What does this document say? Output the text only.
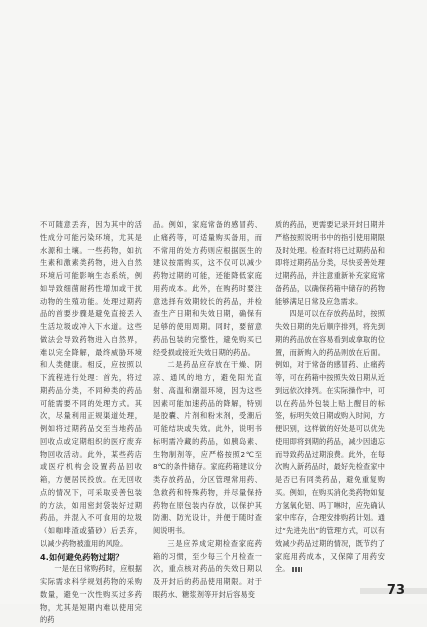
不可随意丢弃，因为其中的活性成分可能污染环境，尤其是水源和土壤。一些药物，如抗生素和激素类药物，进入自然环境后可能影响生态系统，例如导致细菌耐药性增加或干扰动物的生殖功能。处理过期药品的首要步骤是避免直接丢入生活垃圾或冲入下水道。这些做法会导致药物进入自然界，难以完全降解，最终威胁环境和人类健康。相反，应按照以下流程进行处理：首先，将过期药品分类，不同种类的药品可能需要不同的处理方式。其次，尽量利用正规渠道处理，例如将过期药品交至当地药品回收点或定期组织的医疗废弃物回收活动。此外，某些药店或医疗机构会设置药品回收箱，方便居民投放。在无回收点的情况下，可采取妥善包装的方法，如用密封袋装好过期药品，并混入不可食用的垃圾（如咖啡渣或猫砂）后丢弃，以减少药物被滥用的风险。

4.如何避免药物过期？

一是在日常购药时，应根据实际需求科学规划药物的采购数量，避免一次性购买过多药物，尤其是短期内难以使用完的药

品。例如，家庭常备的感冒药、止痛药等，可适量购买备用，而不常用的处方药则应根据医生的建议按需购买，这不仅可以减少药物过期的可能，还能降低家庭用药成本。此外，在购药时要注意选择有效期较长的药品，并检查生产日期和失效日期，确保有足够的使用周期。同时，要留意药品包装的完整性，避免购买已经受损或接近失效日期的药品。

二是药品应存放在干燥、阴凉、通风的地方，避免阳光直射、高温和潮湿环境，因为这些因素可能加速药品的降解，特别是胶囊、片剂和粉末剂，受潮后可能结块或失效。此外，说明书标明需冷藏的药品，如胰岛素、生物制剂等，应严格按照2℃至8℃的条件储存。家庭药箱建议分类存放药品，分区管理常用药、急救药和特殊药物，并尽量保持药物在原包装内存放，以保护其防潮、防光设计，并便于随时查阅说明书。

三是应养成定期检查家庭药箱的习惯，至少每三个月检查一次，重点核对药品的失效日期以及开封后的药品使用期限。对于眼药水、糖浆剂等开封后容易变

质的药品，更需要记录开封日期并严格按照说明书中的指引使用期限及时处理。检查时将已过期药品和即将过期药品分类，尽快妥善处理过期药品，并注意重新补充家庭常备药品，以确保药箱中储存的药物能够满足日常及应急需求。

四是可以在存放药品时，按照失效日期的先后顺序排列，将先到期的药品放在容易看到或拿取的位置，而新购入的药品则放在后面。例如，对于常备的感冒药、止痛药等，可在药箱中按照失效日期从近到远依次排列。在实际操作中，可以在药品外包装上贴上醒目的标签，标明失效日期或购入时间，方便识别，这样做的好处是可以优先使用即将到期的药品，减少因遗忘而导致药品过期浪费。此外，在每次购入新药品时，最好先检查家中是否已有同类药品，避免重复购买。例如，在购买消化类药物如复方氢氧化铝、吗丁啉时，应先确认家中库存，合理安排购药计划。通过“先进先出”的管理方式，可以有效减少药品过期的情况，既节约了家庭用药成本，又保障了用药安全。

73
